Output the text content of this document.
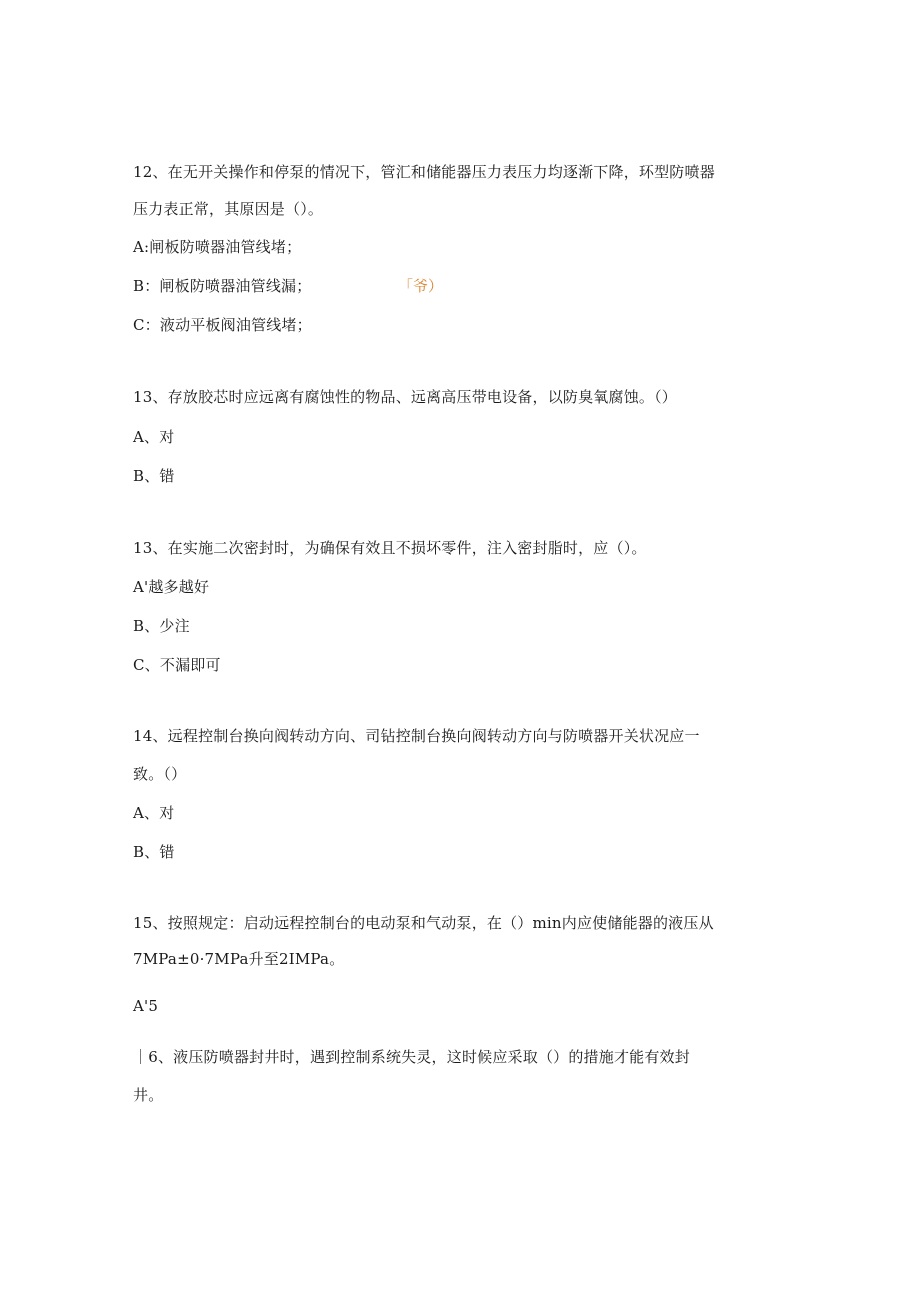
12、在无开关操作和停泵的情况下，管汇和储能器压力表压力均逐渐下降，环型防喷器
压力表正常，其原因是（）。
A:闸板防喷器油管线堵；
B：闸板防喷器油管线漏；	「爷）
C：液动平板阀油管线堵；
13、存放胶芯时应远离有腐蚀性的物品、远离高压带电设备，以防臭氧腐蚀。（）
A、对
B、错
13、在实施二次密封时，为确保有效且不损坏零件，注入密封脂时，应（）。
A'越多越好
B、少注
C、不漏即可
14、远程控制台换向阀转动方向、司钻控制台换向阀转动方向与防喷器开关状况应一
致。（）
A、对
B、错
15、按照规定：启动远程控制台的电动泵和气动泵，在（）min内应使储能器的液压从
7MPa±0·7MPa升至2IMPa。
A'5
｜6、液压防喷器封井时，遇到控制系统失灵，这时候应采取（）的措施才能有效封
井。
